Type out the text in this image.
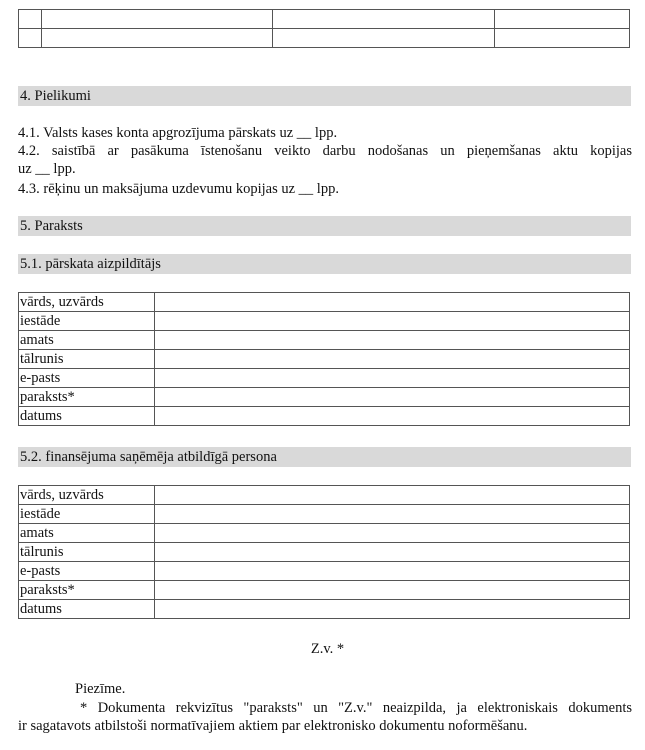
4. Pielikumi
4.1. Valsts kases konta apgrozījuma pārskats uz __ lpp.
4.2. saistībā ar pasākuma īstenošanu veikto darbu nodošanas un pieņemšanas aktu kopijas
uz __ lpp.
4.3. rēķinu un maksājuma uzdevumu kopijas uz __ lpp.
5. Paraksts
5.1. pārskata aizpildītājs
vārds, uzvārds	
iestāde	
amats	
tālrunis	
e-pasts	
paraksts*	
datums	
5.2. finansējuma saņēmēja atbildīgā persona
vārds, uzvārds	
iestāde	
amats	
tālrunis	
e-pasts	
paraksts*	
datums	
Z.v. *
Piezīme.
* Dokumenta rekvizītus "paraksts" un "Z.v." neaizpilda, ja elektroniskais dokuments
ir sagatavots atbilstoši normatīvajiem aktiem par elektronisko dokumentu noformēšanu.
